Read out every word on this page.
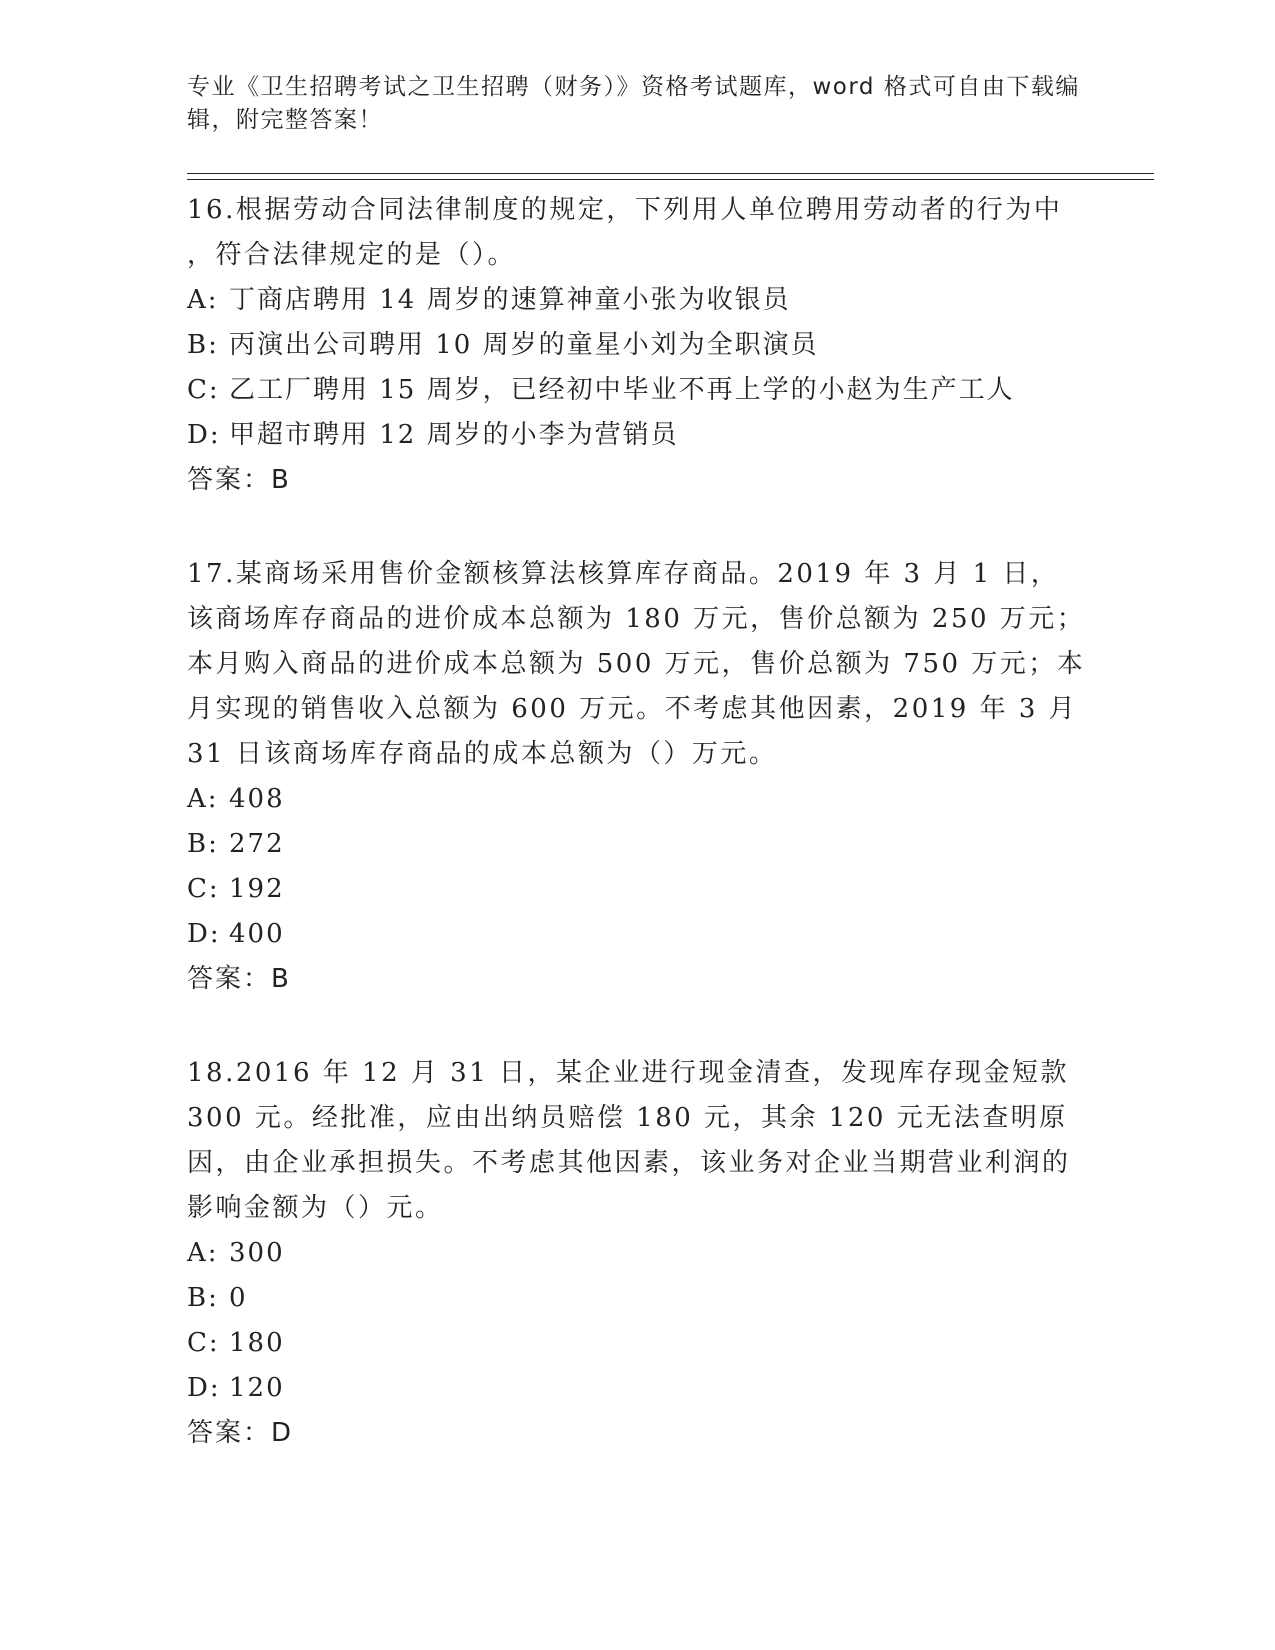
专业《卫生招聘考试之卫生招聘（财务）》资格考试题库，word 格式可自由下载编辑，附完整答案！
16.根据劳动合同法律制度的规定，下列用人单位聘用劳动者的行为中
，符合法律规定的是（）。
A: 丁商店聘用 14 周岁的速算神童小张为收银员
B: 丙演出公司聘用 10 周岁的童星小刘为全职演员
C: 乙工厂聘用 15 周岁，已经初中毕业不再上学的小赵为生产工人
D: 甲超市聘用 12 周岁的小李为营销员
答案：B
17.某商场采用售价金额核算法核算库存商品。2019 年 3 月 1 日，该商场库存商品的进价成本总额为 180 万元，售价总额为 250 万元；本月购入商品的进价成本总额为 500 万元，售价总额为 750 万元；本月实现的销售收入总额为 600 万元。不考虑其他因素，2019 年 3 月 31 日该商场库存商品的成本总额为（）万元。
A: 408
B: 272
C: 192
D: 400
答案：B
18.2016 年 12 月 31 日，某企业进行现金清查，发现库存现金短款 300 元。经批准，应由出纳员赔偿 180 元，其余 120 元无法查明原因，由企业承担损失。不考虑其他因素，该业务对企业当期营业利润的影响金额为（）元。
A: 300
B: 0
C: 180
D: 120
答案：D
